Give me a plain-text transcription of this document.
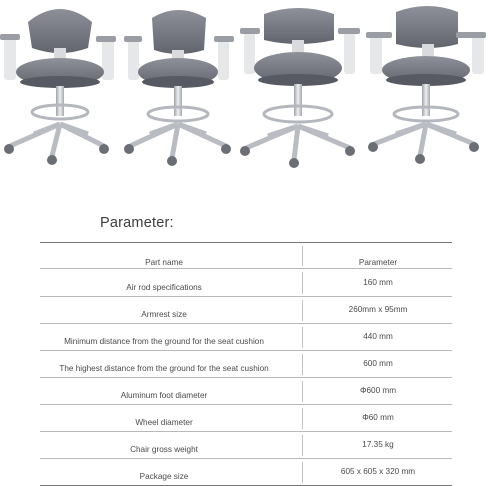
Parameter:
Part name	Parameter
Air rod specifications
160 mm
Armrest size
260mm x 95mm
Minimum distance from the ground for the seat cushion
440 mm
The highest distance from the ground for the seat cushion
600 mm
Aluminum foot diameter
Φ600 mm
Wheel diameter
Φ60 mm
Chair gross weight
17.35 kg
Package size
605 x 605 x 320 mm
